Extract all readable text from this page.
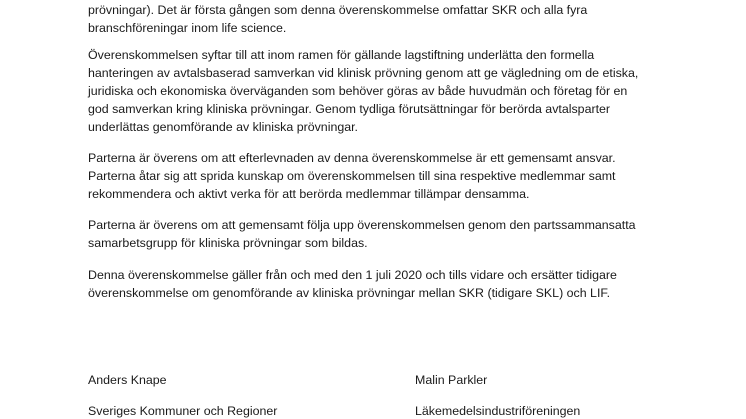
prövningar). Det är första gången som denna överenskommelse omfattar SKR och alla fyra
branschföreningar inom life science.

Överenskommelsen syftar till att inom ramen för gällande lagstiftning underlätta den formella
hanteringen av avtalsbaserad samverkan vid klinisk prövning genom att ge vägledning om de etiska,
juridiska och ekonomiska överväganden som behöver göras av både huvudmän och företag för en
god samverkan kring kliniska prövningar. Genom tydliga förutsättningar för berörda avtalsparter
underlättas genomförande av kliniska prövningar.

Parterna är överens om att efterlevnaden av denna överenskommelse är ett gemensamt ansvar.
Parterna åtar sig att sprida kunskap om överenskommelsen till sina respektive medlemmar samt
rekommendera och aktivt verka för att berörda medlemmar tillämpar densamma.

Parterna är överens om att gemensamt följa upp överenskommelsen genom den partssammansatta
samarbetsgrupp för kliniska prövningar som bildas.

Denna överenskommelse gäller från och med den 1 juli 2020 och tills vidare och ersätter tidigare
överenskommelse om genomförande av kliniska prövningar mellan SKR (tidigare SKL) och LIF.

Anders Knape

Sveriges Kommuner och Regioner

Malin Parkler

Läkemedelsindustriföreningen
